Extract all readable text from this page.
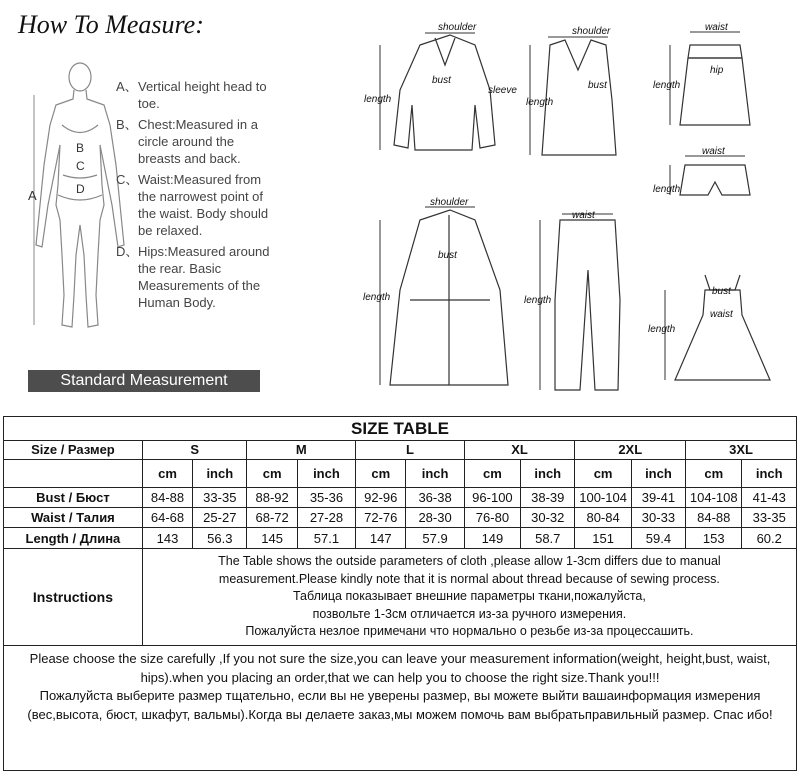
How To Measure:
A
B
C
D
A、 Vertical height head to toe.
B、 Chest:Measured in a circle around the breasts and back.
C、 Waist:Measured from the narrowest point of the waist. Body should be relaxed.
D、 Hips:Measured around the rear. Basic Measurements of the Human Body.
Standard Measurement
shoulder
bust
sleeve
length
shoulder
bust
length
waist
hip
length
waist
length
shoulder
bust
length
waist
length
bust
waist
length
SIZE TABLE												
Size / Размер	S		M		L		XL		2XL		3XL	
	cm	inch	cm	inch	cm	inch	cm	inch	cm	inch	cm	inch
Bust / Бюст	84-88	33-35	88-92	35-36	92-96	36-38	96-100	38-39	100-104	39-41	104-108	41-43
Waist / Талия	64-68	25-27	68-72	27-28	72-76	28-30	76-80	30-32	80-84	30-33	84-88	33-35
Length / Длина	143	56.3	145	57.1	147	57.9	149	58.7	151	59.4	153	60.2
Instructions	The Table shows the outside parameters of cloth ,please allow 1-3cm differs due to manual
measurement.Please kindly note that it is normal about thread because of sewing process.
Таблица показывает внешние параметры ткани,пожалуйста,
позвольте 1-3см отличается из-за ручного измерения.
Пожалуйста незлое примечани что нормально о резьбе из-за процессашить.											
Please choose the size carefully ,If you not sure the size,you can leave your measurement information(weight, height,bust, waist, hips).when you placing an order,that we can help you to choose the right size.Thank you!!!
Пожалуйста выберите размер тщательно, если вы не уверены размер, вы можете выйти вашаинформация измерения (вес,высота, бюст, шкафут, вальмы).Когда вы делаете заказ,мы можем помочь вам выбратьправильный размер. Спас ибо!
